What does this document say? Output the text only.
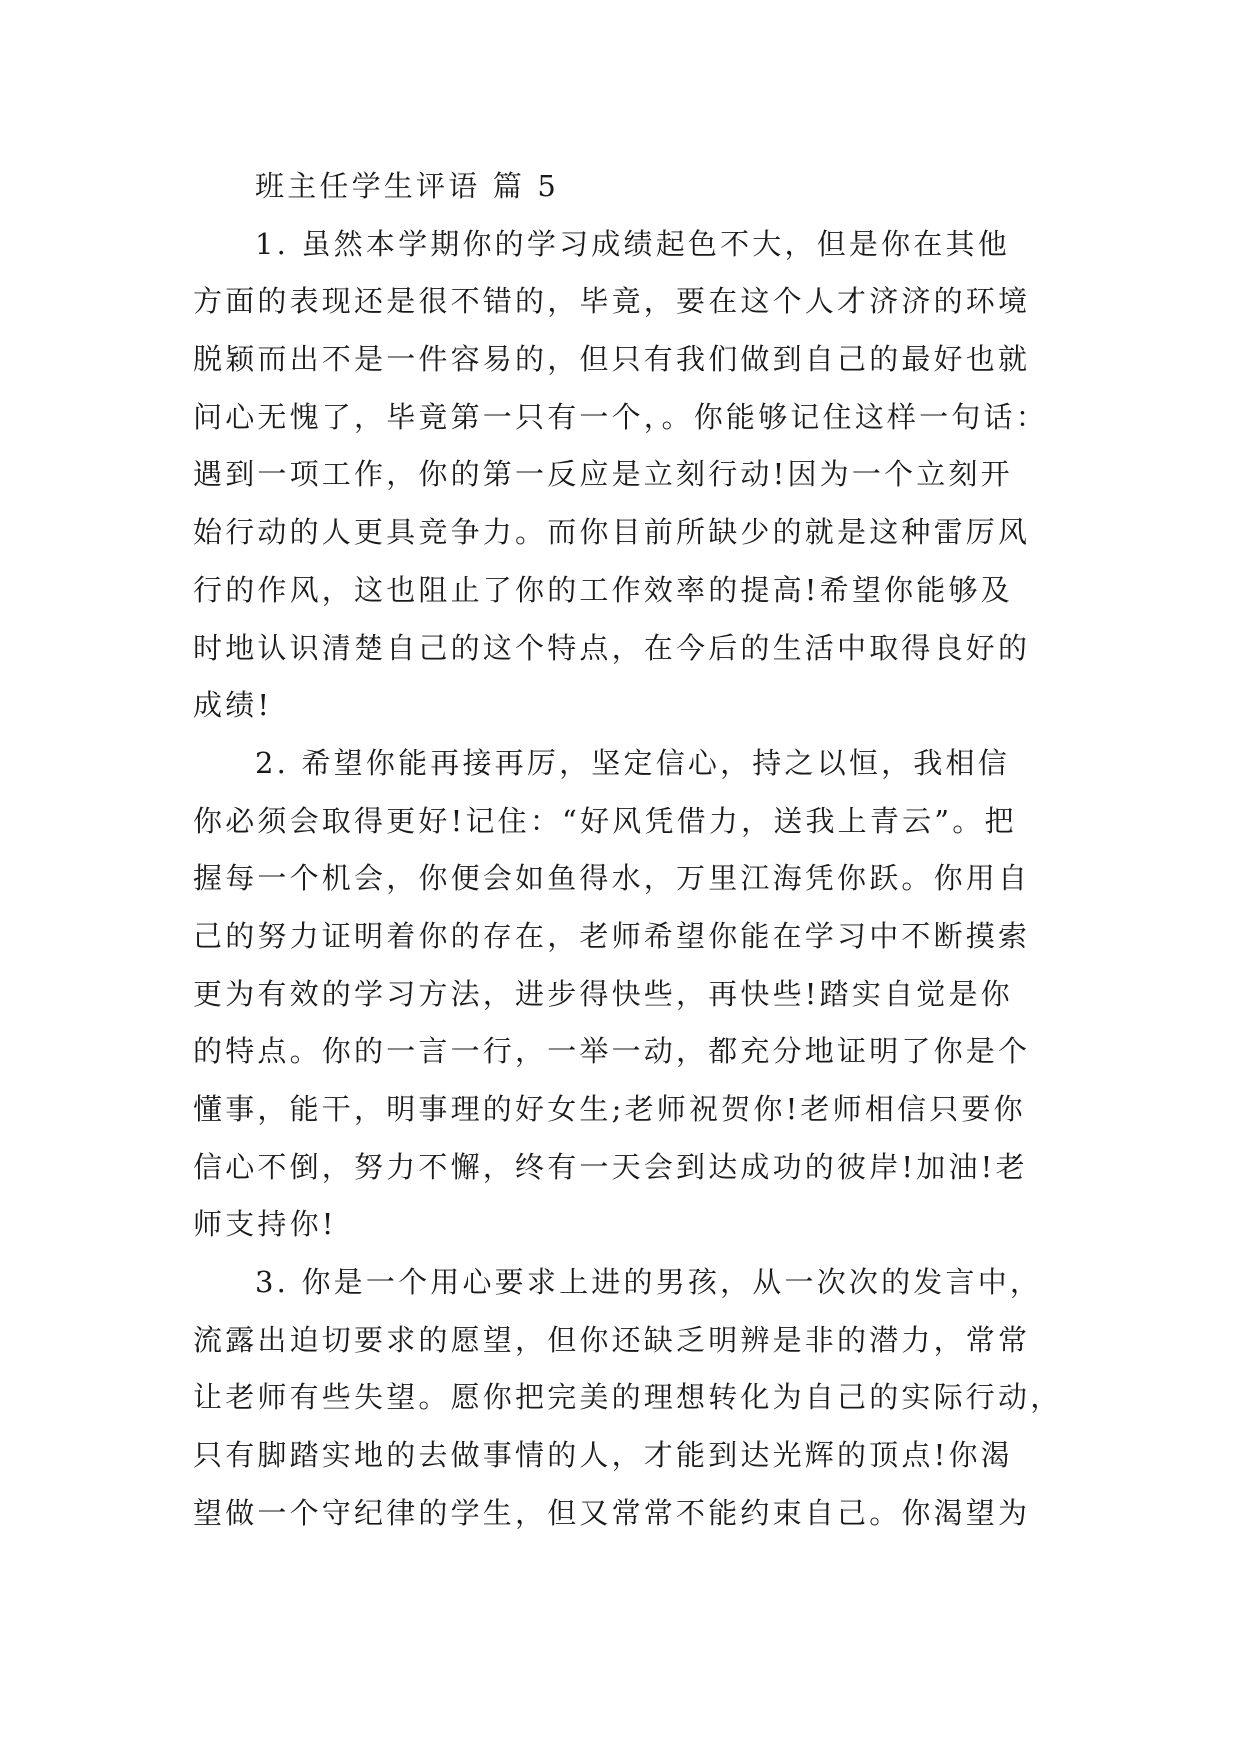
班主任学生评语 篇 5
1. 虽然本学期你的学习成绩起色不大，但是你在其他
方面的表现还是很不错的，毕竟，要在这个人才济济的环境
脱颖而出不是一件容易的，但只有我们做到自己的最好也就
问心无愧了，毕竟第一只有一个，。你能够记住这样一句话：
遇到一项工作，你的第一反应是立刻行动!因为一个立刻开
始行动的人更具竞争力。而你目前所缺少的就是这种雷厉风
行的作风，这也阻止了你的工作效率的提高!希望你能够及
时地认识清楚自己的这个特点，在今后的生活中取得良好的
成绩!
2. 希望你能再接再厉，坚定信心，持之以恒，我相信
你必须会取得更好!记住：“好风凭借力，送我上青云”。把
握每一个机会，你便会如鱼得水，万里江海凭你跃。你用自
己的努力证明着你的存在，老师希望你能在学习中不断摸索
更为有效的学习方法，进步得快些，再快些!踏实自觉是你
的特点。你的一言一行，一举一动，都充分地证明了你是个
懂事，能干，明事理的好女生;老师祝贺你!老师相信只要你
信心不倒，努力不懈，终有一天会到达成功的彼岸!加油!老
师支持你!
3. 你是一个用心要求上进的男孩，从一次次的发言中，
流露出迫切要求的愿望，但你还缺乏明辨是非的潜力，常常
让老师有些失望。愿你把完美的理想转化为自己的实际行动，
只有脚踏实地的去做事情的人，才能到达光辉的顶点!你渴
望做一个守纪律的学生，但又常常不能约束自己。你渴望为
